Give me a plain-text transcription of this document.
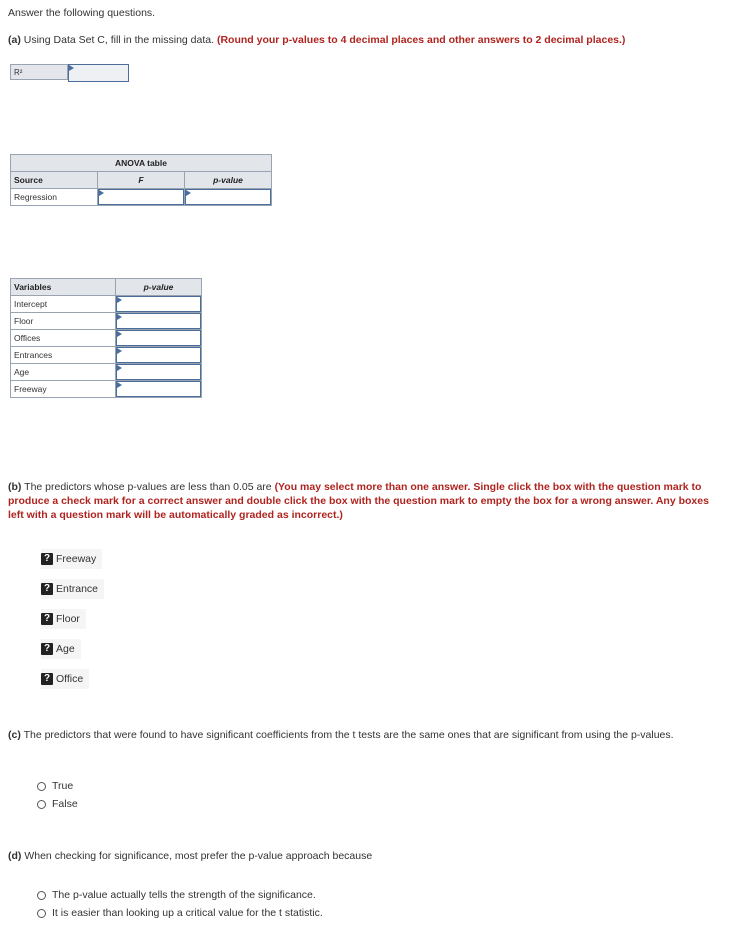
Answer the following questions.
(a) Using Data Set C, fill in the missing data. (Round your p-values to 4 decimal places and other answers to 2 decimal places.)
R²
ANOVA table		
Source	F	p-value
Regression	

Variables	p-value
Intercept	

Floor	

Offices	

Entrances	

Age	

Freeway	
(b) The predictors whose p-values are less than 0.05 are (You may select more than one answer. Single click the box with the question mark to produce a check mark for a correct answer and double click the box with the question mark to empty the box for a wrong answer. Any boxes left with a question mark will be automatically graded as incorrect.)
? Freeway
? Entrance
? Floor
? Age
? Office
(c) The predictors that were found to have significant coefficients from the t tests are the same ones that are significant from using the p-values.
True
False
(d) When checking for significance, most prefer the p-value approach because
The p-value actually tells the strength of the significance.
It is easier than looking up a critical value for the t statistic.
